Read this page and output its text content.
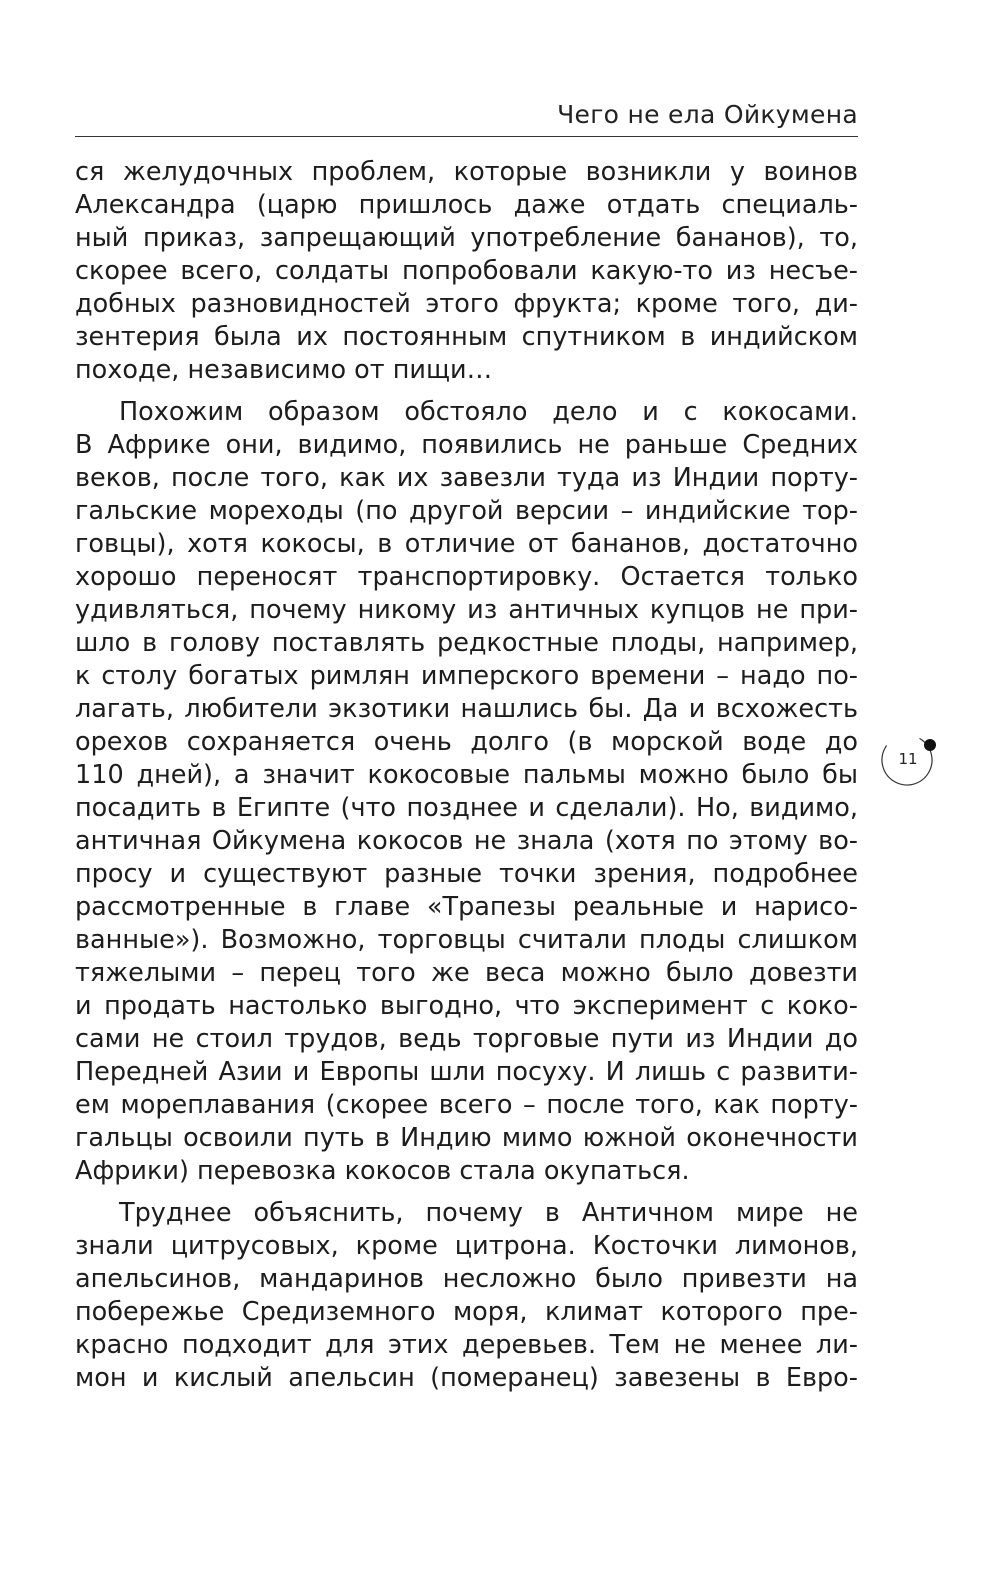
Чего не ела Ойкумена
ся желудочных проблем, которые возникли у воинов
Александра (царю пришлось даже отдать специаль-
ный приказ, запрещающий употребление бананов), то,
скорее всего, солдаты попробовали какую-то из несъе-
добных разновидностей этого фрукта; кроме того, ди-
зентерия была их постоянным спутником в индийском
походе, независимо от пищи…
Похожим образом обстояло дело и с кокосами.
В Африке они, видимо, появились не раньше Средних
веков, после того, как их завезли туда из Индии порту-
гальские мореходы (по другой версии – индийские тор-
говцы), хотя кокосы, в отличие от бананов, достаточно
хорошо переносят транспортировку. Остается только
удивляться, почему никому из античных купцов не при-
шло в голову поставлять редкостные плоды, например,
к столу богатых римлян имперского времени – надо по-
лагать, любители экзотики нашлись бы. Да и всхожесть
орехов сохраняется очень долго (в морской воде до
110 дней), а значит кокосовые пальмы можно было бы
посадить в Египте (что позднее и сделали). Но, видимо,
античная Ойкумена кокосов не знала (хотя по этому во-
просу и существуют разные точки зрения, подробнее
рассмотренные в главе «Трапезы реальные и нарисо-
ванные»). Возможно, торговцы считали плоды слишком
тяжелыми – перец того же веса можно было довезти
и продать настолько выгодно, что эксперимент с коко-
сами не стоил трудов, ведь торговые пути из Индии до
Передней Азии и Европы шли посуху. И лишь с развити-
ем мореплавания (скорее всего – после того, как порту-
гальцы освоили путь в Индию мимо южной оконечности
Африки) перевозка кокосов стала окупаться.
Труднее объяснить, почему в Античном мире не
знали цитрусовых, кроме цитрона. Косточки лимонов,
апельсинов, мандаринов несложно было привезти на
побережье Средиземного моря, климат которого пре-
красно подходит для этих деревьев. Тем не менее ли-
мон и кислый апельсин (померанец) завезены в Евро-
11
